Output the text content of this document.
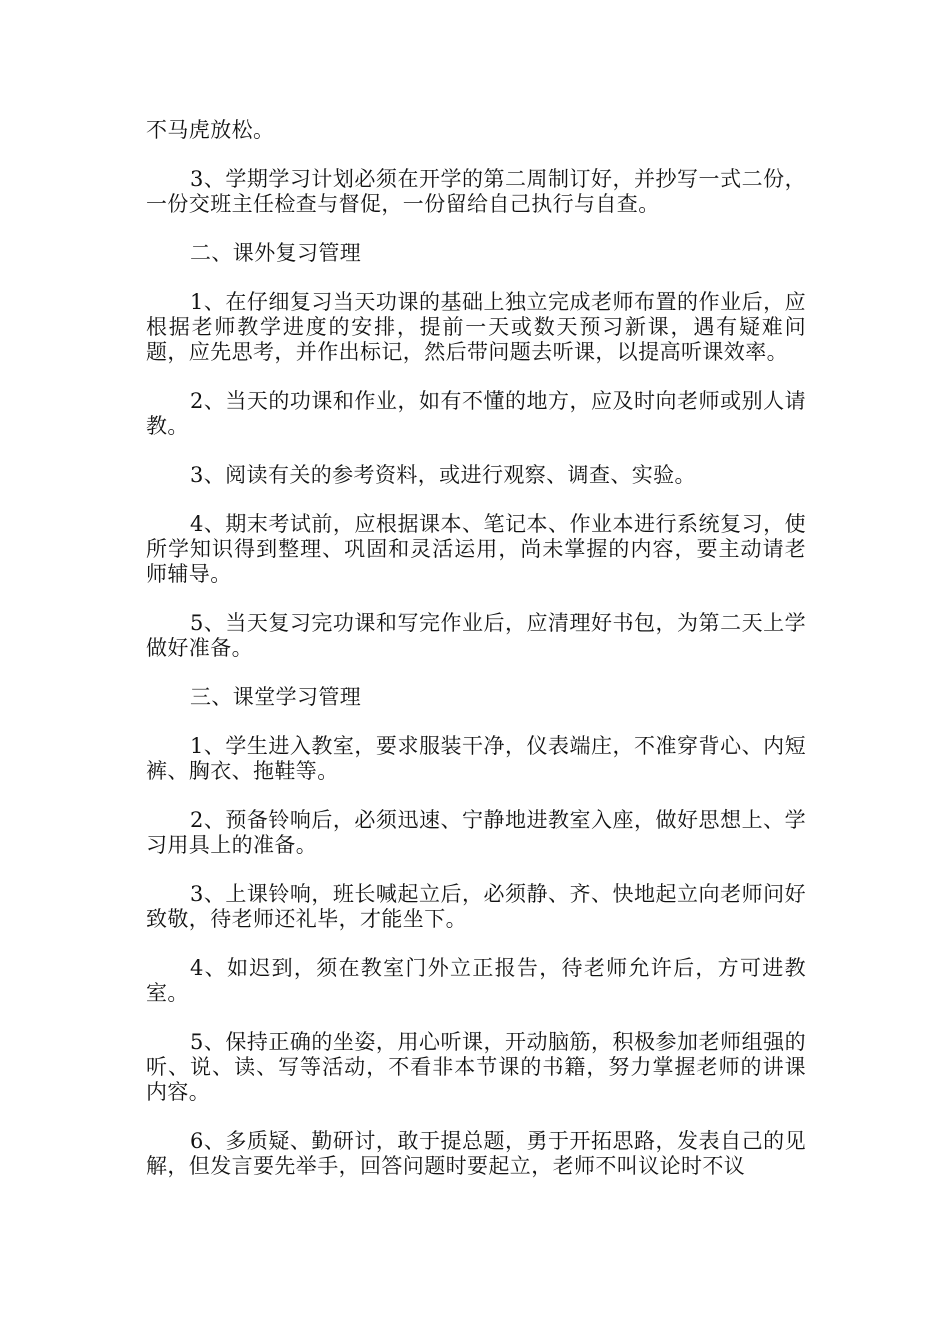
不马虎放松。

3、学期学习计划必须在开学的第二周制订好，并抄写一式二份，一份交班主任检查与督促，一份留给自己执行与自查。

二、课外复习管理

1、在仔细复习当天功课的基础上独立完成老师布置的作业后，应根据老师教学进度的安排，提前一天或数天预习新课，遇有疑难问题，应先思考，并作出标记，然后带问题去听课，以提高听课效率。

2、当天的功课和作业，如有不懂的地方，应及时向老师或别人请教。

3、阅读有关的参考资料，或进行观察、调查、实验。

4、期末考试前，应根据课本、笔记本、作业本进行系统复习，使所学知识得到整理、巩固和灵活运用，尚未掌握的内容，要主动请老师辅导。

5、当天复习完功课和写完作业后，应清理好书包，为第二天上学做好准备。

三、课堂学习管理

1、学生进入教室，要求服装干净，仪表端庄，不准穿背心、内短裤、胸衣、拖鞋等。

2、预备铃响后，必须迅速、宁静地进教室入座，做好思想上、学习用具上的准备。

3、上课铃响，班长喊起立后，必须静、齐、快地起立向老师问好致敬，待老师还礼毕，才能坐下。

4、如迟到，须在教室门外立正报告，待老师允许后，方可进教室。

5、保持正确的坐姿，用心听课，开动脑筋，积极参加老师组强的听、说、读、写等活动，不看非本节课的书籍，努力掌握老师的讲课内容。

6、多质疑、勤研讨，敢于提总题，勇于开拓思路，发表自己的见解，但发言要先举手，回答问题时要起立，老师不叫议论时不议
